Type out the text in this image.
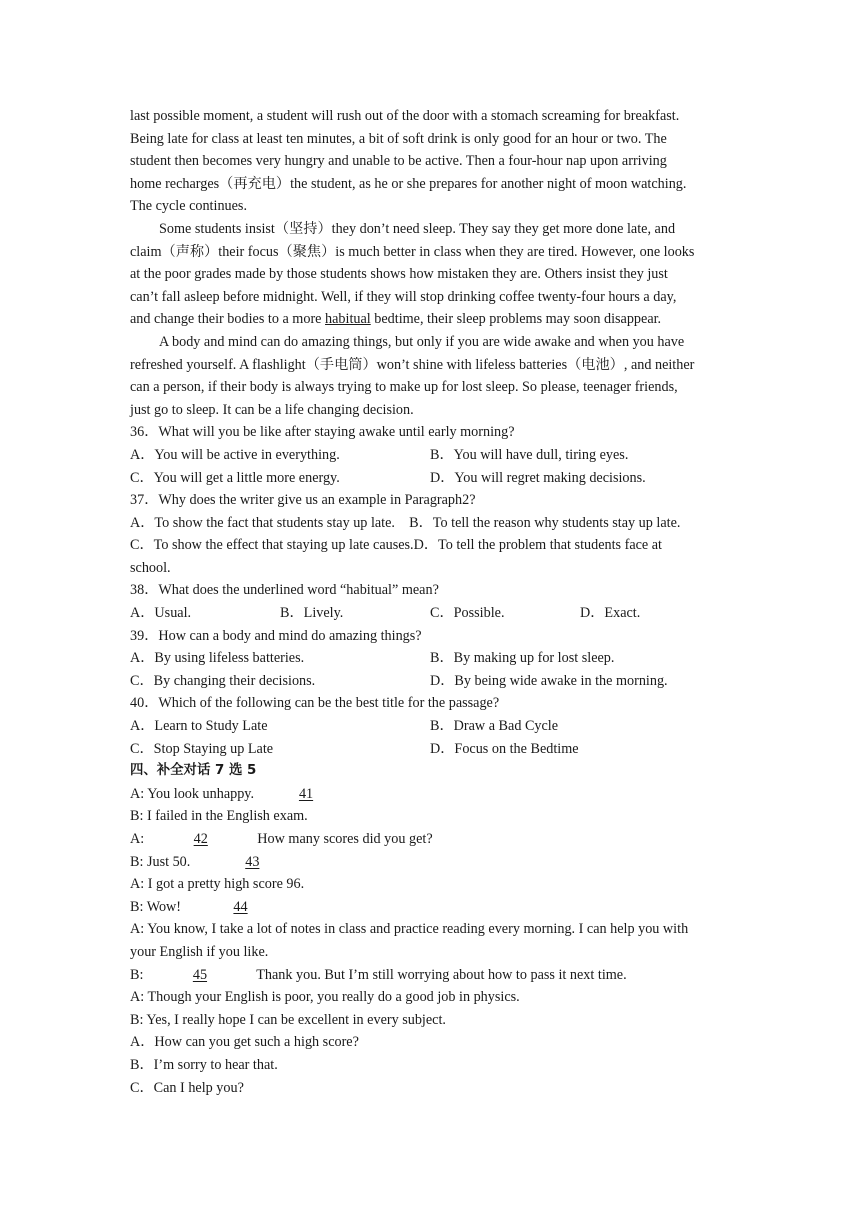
last possible moment, a student will rush out of the door with a stomach screaming for breakfast.
Being late for class at least ten minutes, a bit of soft drink is only good for an hour or two. The
student then becomes very hungry and unable to be active. Then a four-hour nap upon arriving
home recharges（再充电）the student, as he or she prepares for another night of moon watching.
The cycle continues.
Some students insist（坚持）they don’t need sleep. They say they get more done late, and
claim（声称）their focus（聚焦）is much better in class when they are tired. However, one looks
at the poor grades made by those students shows how mistaken they are. Others insist they just
can’t fall asleep before midnight. Well, if they will stop drinking coffee twenty-four hours a day,
and change their bodies to a more habitual bedtime, their sleep problems may soon disappear.
A body and mind can do amazing things, but only if you are wide awake and when you have
refreshed yourself. A flashlight（手电筒）won’t shine with lifeless batteries（电池）, and neither
can a person, if their body is always trying to make up for lost sleep. So please, teenager friends,
just go to sleep. It can be a life changing decision.
36．What will you be like after staying awake until early morning?
A．You will be active in everything.	B．You will have dull, tiring eyes.
C．You will get a little more energy.	D．You will regret making decisions.
37．Why does the writer give us an example in Paragraph2?
A．To show the fact that students stay up late.    B．To tell the reason why students stay up late.
C．To show the effect that staying up late causes.D．To tell the problem that students face at
school.
38．What does the underlined word “habitual” mean?
A．Usual.	B．Lively.	C．Possible.	D．Exact.
39．How can a body and mind do amazing things?
A．By using lifeless batteries.	B．By making up for lost sleep.
C．By changing their decisions.	D．By being wide awake in the morning.
40．Which of the following can be the best title for the passage?
A．Learn to Study Late	B．Draw a Bad Cycle
C．Stop Staying up Late	D．Focus on the Bedtime
四、补全对话 7 选 5
A: You look unhappy.	41
B: I failed in the English exam.
A:	42	How many scores did you get?
B: Just 50.	43
A: I got a pretty high score 96.
B: Wow!	44
A: You know, I take a lot of notes in class and practice reading every morning. I can help you with
your English if you like.
B:	45	Thank you. But I’m still worrying about how to pass it next time.
A: Though your English is poor, you really do a good job in physics.
B: Yes, I really hope I can be excellent in every subject.
A．How can you get such a high score?
B．I’m sorry to hear that.
C．Can I help you?
